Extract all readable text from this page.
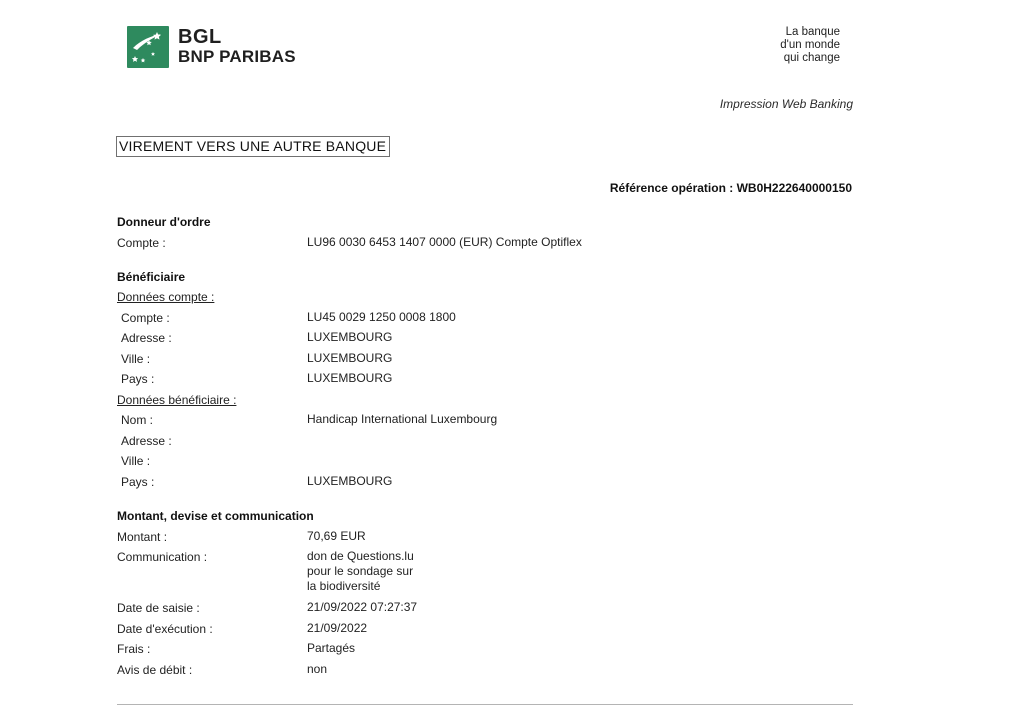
BGL
BNP PARIBAS
La banque
d'un monde
qui change
Impression Web Banking
VIREMENT VERS UNE AUTRE BANQUE
Référence opération : WB0H222640000150
Donneur d'ordre
Compte :	LU96 0030 6453 1407 0000 (EUR) Compte Optiflex
Bénéficiaire
Données compte :
Compte :	LU45 0029 1250 0008 1800
Adresse :	LUXEMBOURG
Ville :	LUXEMBOURG
Pays :	LUXEMBOURG
Données bénéficiaire :
Nom :	Handicap International Luxembourg
Adresse :
Ville :
Pays :	LUXEMBOURG
Montant, devise et communication
Montant :	70,69 EUR
Communication :	don de Questions.lu
pour le sondage sur
la biodiversité
Date de saisie :	21/09/2022 07:27:37
Date d'exécution :	21/09/2022
Frais :	Partagés
Avis de débit :	non
